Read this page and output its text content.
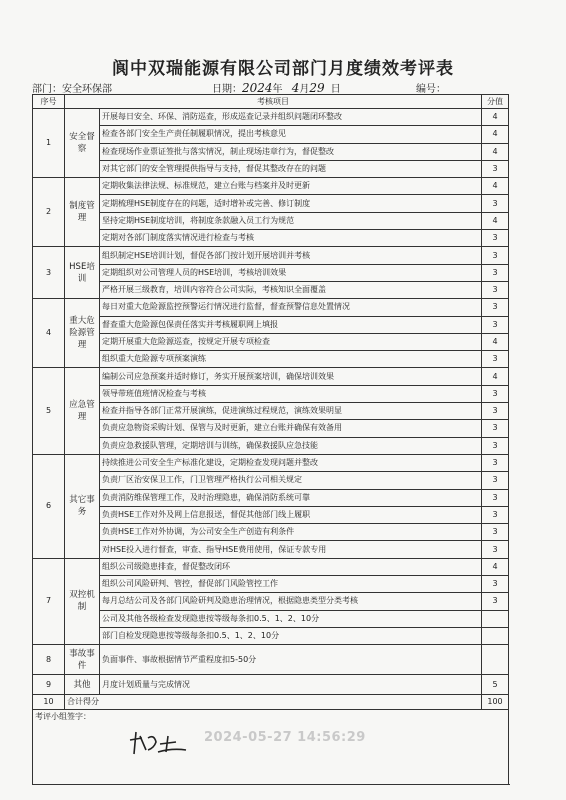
阆中双瑞能源有限公司部门月度绩效考评表
部门：安全环保部	日期：2024年 4月29 日	编号：
序号	考核项目		分值	
1	安全督察	开展每日安全、环保、消防巡查，形成巡查记录并组织问题闭环整改	4	
		检查各部门安全生产责任制履职情况，提出考核意见	4	
		检查现场作业票证签批与落实情况，制止现场违章行为，督促整改	4	
		对其它部门的安全管理提供指导与支持，督促其整改存在的问题	3	
2	制度管理	定期收集法律法规、标准规范，建立台账与档案并及时更新	4	
		定期梳理HSE制度存在的问题，适时增补或完善、修订制度	3	
		坚持定期HSE制度培训，将制度条款融入员工行为规范	4	
		定期对各部门制度落实情况进行检查与考核	3	
3	HSE培训	组织制定HSE培训计划，督促各部门按计划开展培训并考核	3	
		定期组织对公司管理人员的HSE培训，考核培训效果	3	
		严格开展三级教育，培训内容符合公司实际，考核知识全面覆盖	3	
4	重大危险源管理	每日对重大危险源监控预警运行情况进行监督，督查预警信息处置情况	3	
		督查重大危险源包保责任落实并考核履职网上填报	3	
		定期开展重大危险源巡查，按规定开展专项检查	4	
		组织重大危险源专项预案演练	3	
5	应急管理	编制公司应急预案并适时修订，务实开展预案培训，确保培训效果	4	
		领导带班值班情况检查与考核	3	
		检查并指导各部门正常开展演练，促进演练过程规范，演练效果明显	3	
		负责应急物资采购计划、保管与及时更新，建立台账并确保有效备用	3	
		负责应急救援队管理，定期培训与训练，确保救援队应急技能	3	
6	其它事务	持续推进公司安全生产标准化建设，定期检查发现问题并整改	3	
		负责厂区治安保卫工作，门卫管理严格执行公司相关规定	3	
		负责消防维保管理工作，及时治理隐患，确保消防系统可靠	3	
		负责HSE工作对外及网上信息报送，督促其他部门线上履职	3	
		负责HSE工作对外协调，为公司安全生产创造有利条件	3	
		对HSE投入进行督查，审查、指导HSE费用使用，保证专款专用	3	
7	双控机制	组织公司级隐患排查，督促整改闭环	4	
		组织公司风险研判、管控，督促部门风险管控工作	3	
		每月总结公司及各部门风险研判及隐患治理情况，根据隐患类型分类考核	3	
		公司及其他各级检查发现隐患按等级每条扣0.5、1、2、10分		
		部门自检发现隐患按等级每条扣0.5、1、2、10分		
8	事故事件	负面事件、事故根据情节严重程度扣5-50分		
9	其他	月度计划质量与完成情况	5	
10	合计得分		100	
考评小组签字：				
2024-05-27 14:56:29
